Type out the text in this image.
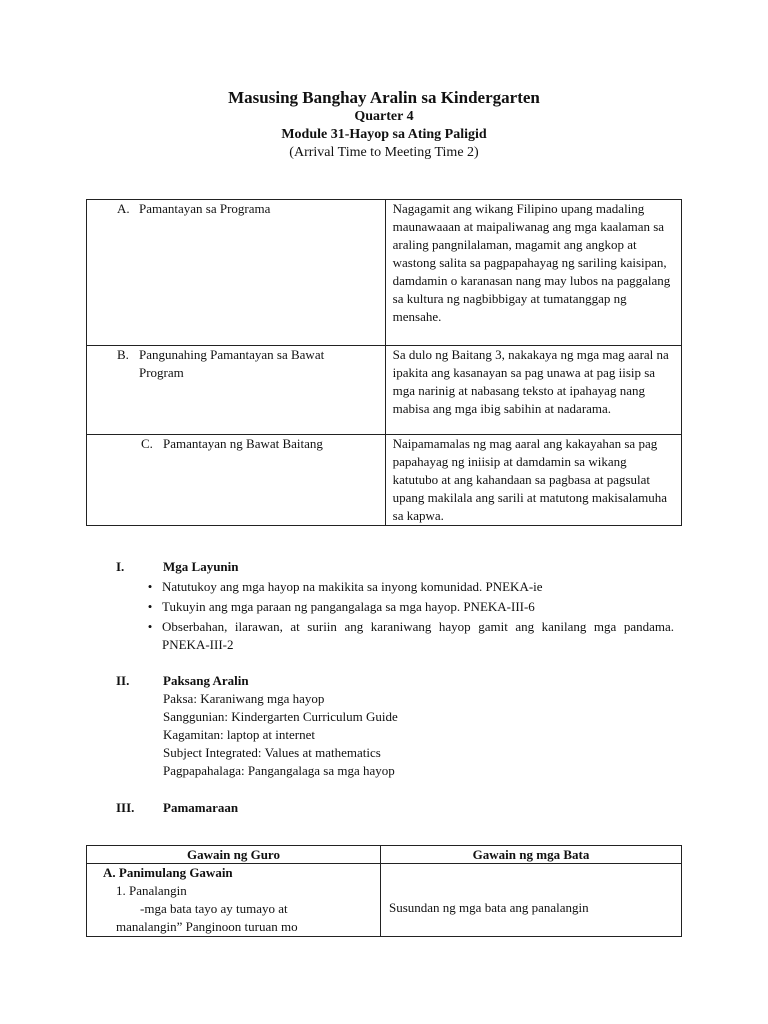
Masusing Banghay Aralin sa Kindergarten
Quarter 4
Module 31-Hayop sa Ating Paligid
(Arrival Time to Meeting Time 2)
A. Pamantayan sa Programa	Nagagamit ang wikang Filipino upang madaling maunawaaan at maipaliwanag ang mga kaalaman sa araling pangnilalaman, magamit ang angkop at wastong salita sa pagpapahayag ng sariling kaisipan, damdamin o karanasan nang may lubos na paggalang sa kultura ng nagbibbigay at tumatanggap ng mensahe.

B. Pangunahing Pamantayan sa Bawat Program	Sa dulo ng Baitang 3, nakakaya ng mga mag aaral na ipakita ang kasanayan sa pag unawa at pag iisip sa mga narinig at nabasang teksto at ipahayag nang mabisa ang mga ibig sabihin at nadarama.

C. Pamantayan ng Bawat Baitang	Naipamamalas ng mag aaral ang kakayahan sa pag papahayag ng iniisip at damdamin sa wikang katutubo at ang kahandaan sa pagbasa at pagsulat upang makilala ang sarili at matutong makisalamuha sa kapwa.
I.	Mga Layunin
• Natutukoy ang mga hayop na makikita sa inyong komunidad. PNEKA-ie
• Tukuyin ang mga paraan ng pangangalaga sa mga hayop. PNEKA-III-6
• Obserbahan, ilarawan, at suriin ang karaniwang hayop gamit ang kanilang mga pandama. PNEKA-III-2
II.	Paksang Aralin
Paksa: Karaniwang mga hayop
Sanggunian: Kindergarten Curriculum Guide
Kagamitan: laptop at internet
Subject Integrated: Values at mathematics
Pagpapahalaga: Pangangalaga sa mga hayop
III.	Pamamaraan
Gawain ng Guro	Gawain ng mga Bata

A. Panimulang Gawain
1. Panalangin
-mga bata tayo ay tumayo at
manalangin” Panginoon turuan mo	Susundan ng mga bata ang panalangin
